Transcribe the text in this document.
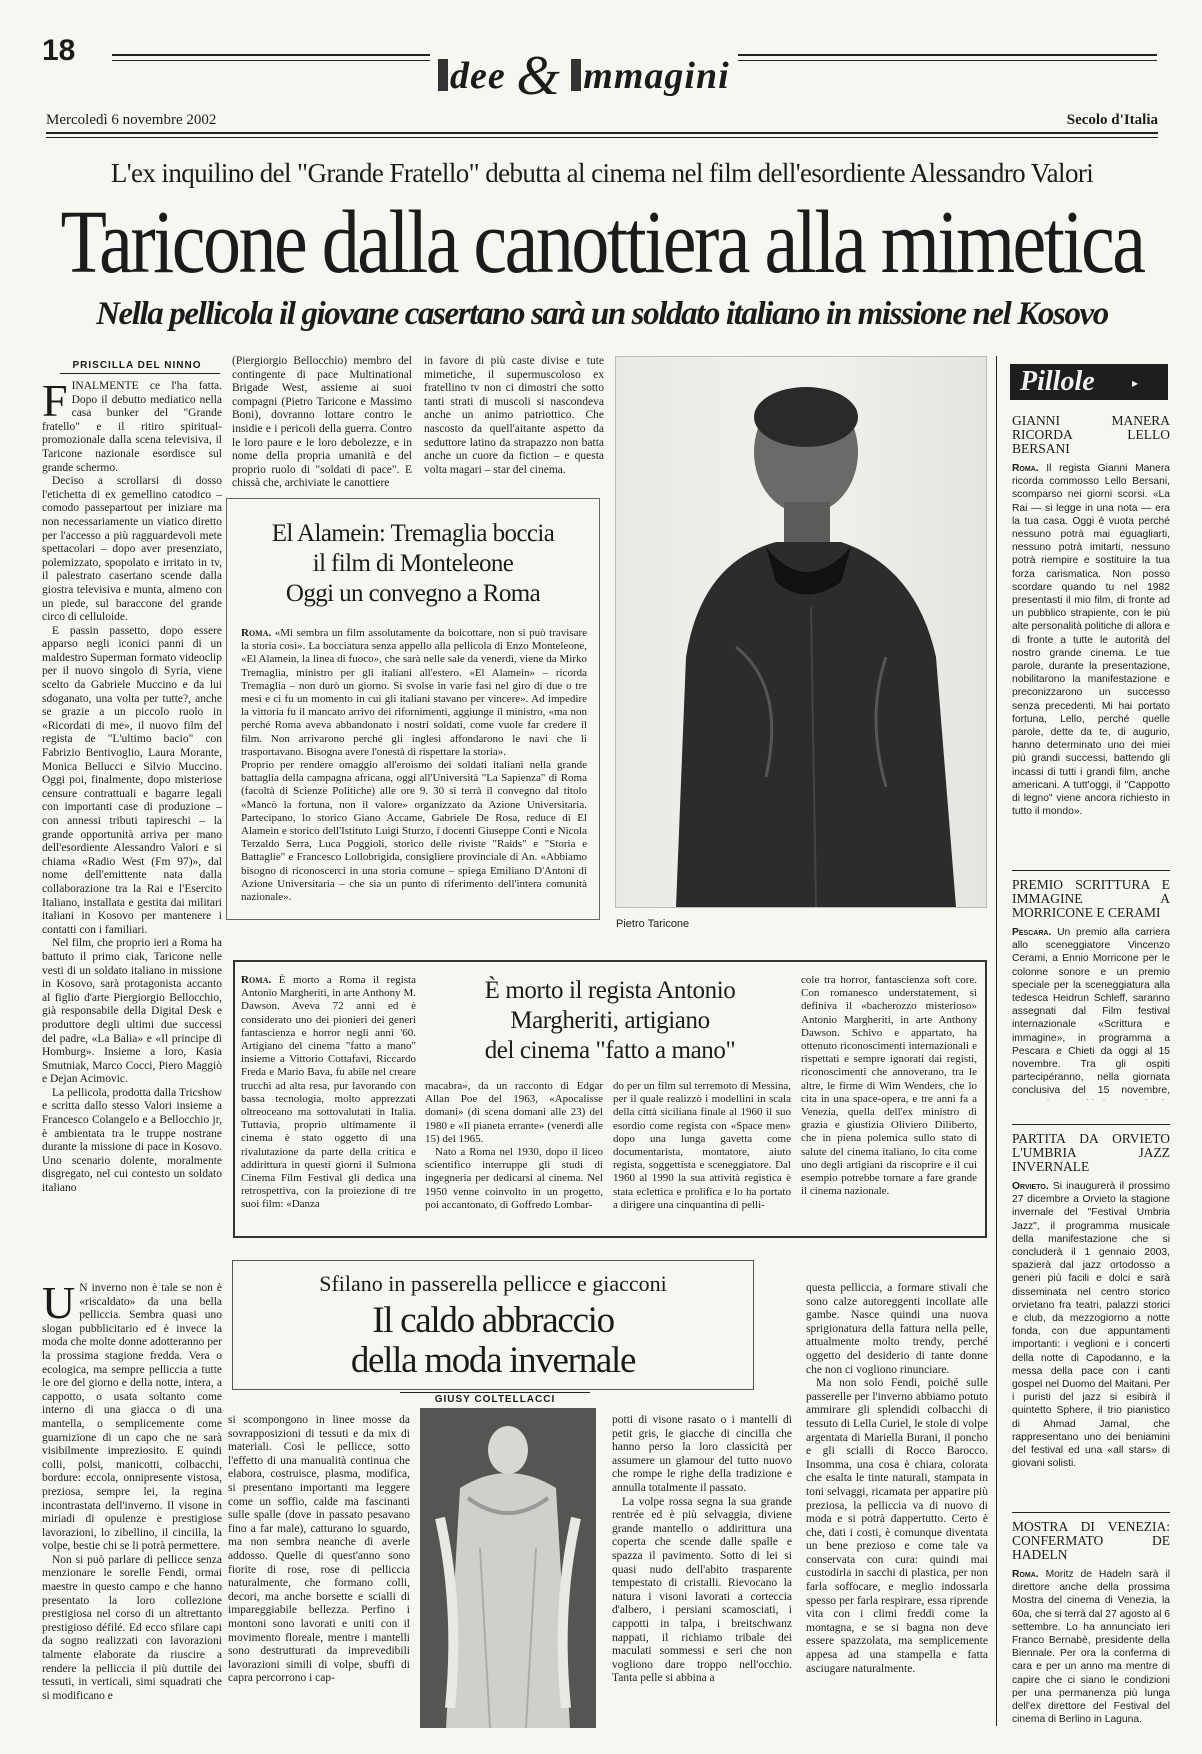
18
dee & mmagini
Mercoledì 6 novembre 2002	Secolo d'Italia
L'ex inquilino del "Grande Fratello" debutta al cinema nel film dell'esordiente Alessandro Valori
Taricone dalla canottiera alla mimetica
Nella pellicola il giovane casertano sarà un soldato italiano in missione nel Kosovo
PRISCILLA DEL NINNO

FINALMENTE ce l'ha fatta. Dopo il debutto mediatico nella casa bunker del "Grande fratello" e il ritiro spiritual-promozionale dalla scena televisiva, il Taricone nazionale esordisce sul grande schermo.

Deciso a scrollarsi di dosso l'etichetta di ex gemellino catodico – comodo passepartout per iniziare ma non necessariamente un viatico diretto per l'accesso a più ragguardevoli mete spettacolari – dopo aver presenziato, polemizzato, spopolato e irritato in tv, il palestrato casertano scende dalla giostra televisiva e munta, almeno con un piede, sul baraccone del grande circo di celluloide.

E passin passetto, dopo essere apparso negli iconici panni di un maldestro Superman formato videoclip per il nuovo singolo di Syria, viene scelto da Gabriele Muccino e da lui sdoganato, una volta per tutte?, anche se grazie a un piccolo ruolo in «Ricordati di me», il nuovo film del regista de "L'ultimo bacio" con Fabrizio Bentivoglio, Laura Morante, Monica Bellucci e Silvio Muccino. Oggi poi, finalmente, dopo misteriose censure contrattuali e bagarre legali con importanti case di produzione – con annessi tributi tapireschi – la grande opportunità arriva per mano dell'esordiente Alessandro Valori e si chiama «Radio West (Fm 97)», dal nome dell'emittente nata dalla collaborazione tra la Rai e l'Esercito Italiano, installata e gestita dai militari italiani in Kosovo per mantenere i contatti con i familiari.

Nel film, che proprio ieri a Roma ha battuto il primo ciak, Taricone nelle vesti di un soldato italiano in missione in Kosovo, sarà protagonista accanto al figlio d'arte Piergiorgio Bellocchio, già responsabile della Digital Desk e produttore degli ultimi due successi del padre, «La Balia» e «Il principe di Homburg». Insieme a loro, Kasia Smutniak, Marco Cocci, Piero Maggiò e Dejan Acimovic.

La pellicola, prodotta dalla Tricshow e scritta dallo stesso Valori insieme a Francesco Colangelo e a Bellocchio jr, è ambientata tra le truppe nostrane durante la missione di pace in Kosovo. Uno scenario dolente, moralmente disgregato, nel cui contesto un soldato italiano

(Piergiorgio Bellocchio) membro del contingente di pace Multinational Brigade West, assieme ai suoi compagni (Pietro Taricone e Massimo Boni), dovranno lottare contro le insidie e i pericoli della guerra. Contro le loro paure e le loro debolezze, e in nome della propria umanità e del proprio ruolo di "soldati di pace". E chissà che, archiviate le canottiere

in favore di più caste divise e tute mimetiche, il supermuscoloso ex fratellino tv non ci dimostri che sotto tanti strati di muscoli si nascondeva anche un animo patriottico. Che nascosto da quell'aitante aspetto da seduttore latino da strapazzo non batta anche un cuore da fiction – e questa volta magari – star del cinema.

Pietro Taricone
El Alamein: Tremaglia boccia
il film di Monteleone
Oggi un convegno a Roma

Roma. «Mi sembra un film assolutamente da boicottare, non si può travisare la storia così». La bocciatura senza appello alla pellicola di Enzo Monteleone, «El Alamein, la linea di fuoco», che sarà nelle sale da venerdì, viene da Mirko Tremaglia, ministro per gli italiani all'estero. «El Alamein» – ricorda Tremaglia – non durò un giorno. Si svolse in varie fasi nel giro di due o tre mesi e ci fu un momento in cui gli italiani stavano per vincere». Ad impedire la vittoria fu il mancato arrivo dei rifornimenti, aggiunge il ministro, «ma non perché Roma aveva abbandonato i nostri soldati, come vuole far credere il film. Non arrivarono perché gli inglesi affondarono le navi che li trasportavano. Bisogna avere l'onestà di rispettare la storia».

Proprio per rendere omaggio all'eroismo dei soldati italiani nella grande battaglia della campagna africana, oggi all'Università "La Sapienza" di Roma (facoltà di Scienze Politiche) alle ore 9. 30 si terrà il convegno dal titolo «Mancò la fortuna, non il valore» organizzato da Azione Universitaria. Partecipano, lo storico Giano Accame, Gabriele De Rosa, reduce di El Alamein e storico dell'Istituto Luigi Sturzo, i docenti Giuseppe Conti e Nicola Terzaldo Serra, Luca Poggioli, storico delle riviste "Raids" e "Storia e Battaglie" e Francesco Lollobrigida, consigliere provinciale di An. «Abbiamo bisogno di riconoscerci in una storia comune – spiega Emiliano D'Antoni di Azione Universitaria – che sia un punto di riferimento dell'intera comunità nazionale».

Roma. È morto a Roma il regista Antonio Margheriti, in arte Anthony M. Dawson. Aveva 72 anni ed è considerato uno dei pionieri dei generi fantascienza e horror negli anni '60. Artigiano del cinema "fatto a mano" insieme a Vittorio Cottafavi, Riccardo Freda e Mario Bava, fu abile nel creare trucchi ad alta resa, pur lavorando con bassa tecnologia, molto apprezzati oltreoceano ma sottovalutati in Italia. Tuttavia, proprio ultimamente il cinema è stato oggetto di una rivalutazione da parte della critica e addirittura in questi giorni il Sulmona Cinema Film Festival gli dedica una retrospettiva, con la proiezione di tre suoi film: «Danza

È morto il regista Antonio
Margheriti, artigiano
del cinema "fatto a mano"

macabra», da un racconto di Edgar Allan Poe del 1963, «Apocalisse domani» (di scena domani alle 23) del 1980 e «Il pianeta errante» (venerdì alle 15) del 1965.

Nato a Roma nel 1930, dopo il liceo scientifico interruppe gli studi di ingegneria per dedicarsi al cinema. Nel 1950 venne coinvolto in un progetto, poi accantonato, di Goffredo Lombar-

do per un film sul terremoto di Messina, per il quale realizzò i modellini in scala della città siciliana finale al 1960 il suo esordio come regista con «Space men» dopo una lunga gavetta come documentarista, montatore, aiuto regista, soggettista e sceneggiatore. Dal 1960 al 1990 la sua attività registica è stata eclettica e prolifica e lo ha portato a dirigere una cinquantina di pelli-

cole tra horror, fantascienza soft core. Con romanesco understatement, si definiva il «bacherozzo misterioso» Antonio Margheriti, in arte Anthony Dawson. Schivo e appartato, ha ottenuto riconoscimenti internazionali e rispettati e sempre ignorati dai registi, riconoscimenti che annoverano, tra le altre, le firme di Wim Wenders, che lo cita in una space-opera, e tre anni fa a Venezia, quella dell'ex ministro di grazia e giustizia Oliviero Diliberto, che in piena polemica sullo stato di salute del cinema italiano, lo cita come uno degli artigiani da riscoprire e il cui esempio potrebbe tornare a fare grande il cinema nazionale.

U N inverno non è tale se non è «riscaldato» da una bella pelliccia. Sembra quasi uno slogan pubblicitario ed è invece la moda che molte donne adotteranno per la prossima stagione fredda. Vera o ecologica, ma sempre pelliccia a tutte le ore del giorno e della notte, intera, a cappotto, o usata soltanto come interno di una giacca o di una mantella, o semplicemente come guarnizione di un capo che ne sarà visibilmente impreziosito. E quindi colli, polsi, manicotti, colbacchi, bordure: eccola, onnipresente vistosa, preziosa, sempre lei, la regina incontrastata dell'inverno. Il visone in miriadi di opulenze e prestigiose lavorazioni, lo zibellino, il cincilla, la volpe, bestie chi se li potrà permettere.

Non si può parlare di pellicce senza menzionare le sorelle Fendi, ormai maestre in questo campo e che hanno presentato la loro collezione prestigiosa nel corso di un altrettanto prestigioso défilé. Ed ecco sfilare capi da sogno realizzati con lavorazioni talmente elaborate da riuscire a rendere la pelliccia il più duttile dei tessuti, in verticali, simi squadrati che si modificano e

Sfilano in passerella pellicce e giacconi
Il caldo abbraccio
della moda invernale
GIUSY COLTELLACCI

si scompongono in linee mosse da sovrapposizioni di tessuti e da mix di materiali. Così le pellicce, sotto l'effetto di una manualità continua che elabora, costruisce, plasma, modifica, si presentano importanti ma leggere come un soffio, calde ma fascinanti sulle spalle (dove in passato pesavano fino a far male), catturano lo sguardo, ma non sembra neanche di averle addosso. Quelle di quest'anno sono fiorite di rose, rose di pelliccia naturalmente, che formano colli, decori, ma anche borsette e scialli di impareggiabile bellezza. Perfino i montoni sono lavorati e uniti con il movimento floreale, mentre i mantelli sono destrutturati da imprevedibili lavorazioni simili di volpe, sbuffi di capra percorrono i cap-

potti di visone rasato o i mantelli di petit gris, le giacche di cincilla che hanno perso la loro classicità per assumere un glamour del tutto nuovo che rompe le righe della tradizione e annulla totalmente il passato.

La volpe rossa segna la sua grande rentrée ed è più selvaggia, diviene grande mantello o addirittura una coperta che scende dalle spalle e spazza il pavimento. Sotto di lei si quasi nudo dell'abito trasparente tempestato di cristalli. Rievocano la natura i visoni lavorati a corteccia d'albero, i persiani scamosciati, i cappotti in talpa, i breitschwanz nappati, il richiamo tribale dei maculati sommessi e seri che non vogliono dare troppo nell'occhio. Tanta pelle si abbina a

questa pelliccia, a formare stivali che sono calze autoreggenti incollate alle gambe. Nasce quindi una nuova sprigionatura della fattura nella pelle, attualmente molto trendy, perché oggetto del desiderio di tante donne che non ci vogliono rinunciare.

Ma non solo Fendi, poiché sulle passerelle per l'inverno abbiamo potuto ammirare gli splendidi colbacchi di tessuto di Lella Curiel, le stole di volpe argentata di Mariella Burani, il poncho e gli scialli di Rocco Barocco. Insomma, una cosa è chiara, colorata che esalta le tinte naturali, stampata in toni selvaggi, ricamata per apparire più preziosa, la pelliccia va di nuovo di moda e si potrà dappertutto. Certo è che, dati i costi, è comunque diventata un bene prezioso e come tale va conservata con cura: quindi mai custodirla in sacchi di plastica, per non farla soffocare, e meglio indossarla spesso per farla respirare, essa riprende vita con i climi freddi come la montagna, e se si bagna non deve essere spazzolata, ma semplicemente appesa ad una stampella e fatta asciugare naturalmente.

Pillole	▸
GIANNI MANERA RICORDA LELLO BERSANI

Roma. Il regista Gianni Manera ricorda commosso Lello Bersani, scomparso nei giorni scorsi. «La Rai — si legge in una nota — era la tua casa. Oggi è vuota perché nessuno potrà mai eguagliarti, nessuno potrà imitarti, nessuno potrà riempire e sostituire la tua forza carismatica. Non posso scordare quando tu nel 1982 presentasti il mio film, di fronte ad un pubblico strapiente, con le più alte personalità politiche di allora e di fronte a tutte le autorità del nostro grande cinema. Le tue parole, durante la presentazione, nobilitarono la manifestazione e preconizzarono un successo senza precedenti. Mi hai portato fortuna, Lello, perché quelle parole, dette da te, di augurio, hanno determinato uno dei miei più grandi successi, battendo gli incassi di tutti i grandi film, anche americani. A tutt'oggi, il "Cappotto di legno" viene ancora richiesto in tutto il mondo».

PREMIO SCRITTURA E IMMAGINE A MORRICONE E CERAMI

Pescara. Un premio alla carriera allo sceneggiatore Vincenzo Cerami, a Ennio Morricone per le colonne sonore e un premio speciale per la sceneggiatura alla tedesca Heidrun Schleff, saranno assegnati dal Film festival internazionale «Scrittura e immagine», in programma a Pescara e Chieti da oggi al 15 novembre. Tra gli ospiti partecipéranno, nella giornata conclusiva del 15 novembre,

PARTITA DA ORVIETO L'UMBRIA JAZZ INVERNALE

Orvieto. Si inaugurerà il prossimo 27 dicembre a Orvieto la stagione invernale del "Festival Umbria Jazz", il programma musicale della manifestazione che si concluderà il 1 gennaio 2003, spazierà dal jazz ortodosso a generi più facili e dolci e sarà disseminata nel centro storico orvietano fra teatri, palazzi storici e club, da mezzogiorno a notte fonda, con due appuntamenti importanti: i veglioni e i concerti della notte di Capodanno, e la messa della pace con i canti gospel nel Duomo del Maitani. Per i puristi del jazz si esibirà il quintetto Sphere, il trio pianistico di Ahmad Jamal, che rappresentano uno dei beniamini del festival ed una «all stars» di giovani solisti.

MOSTRA DI VENEZIA: CONFERMATO DE HADELN

Roma. Moritz de Hadeln sarà il direttore anche della prossima Mostra del cinema di Venezia, la 60a, che si terrà dal 27 agosto al 6 settembre. Lo ha annunciato ieri Franco Bernabè, presidente della Biennale. Per ora la conferma di cara e per un anno ma mentre di capire che ci siano le condizioni per una permanenza più lunga dell'ex direttore del Festival del cinema di Berlino in Laguna.
